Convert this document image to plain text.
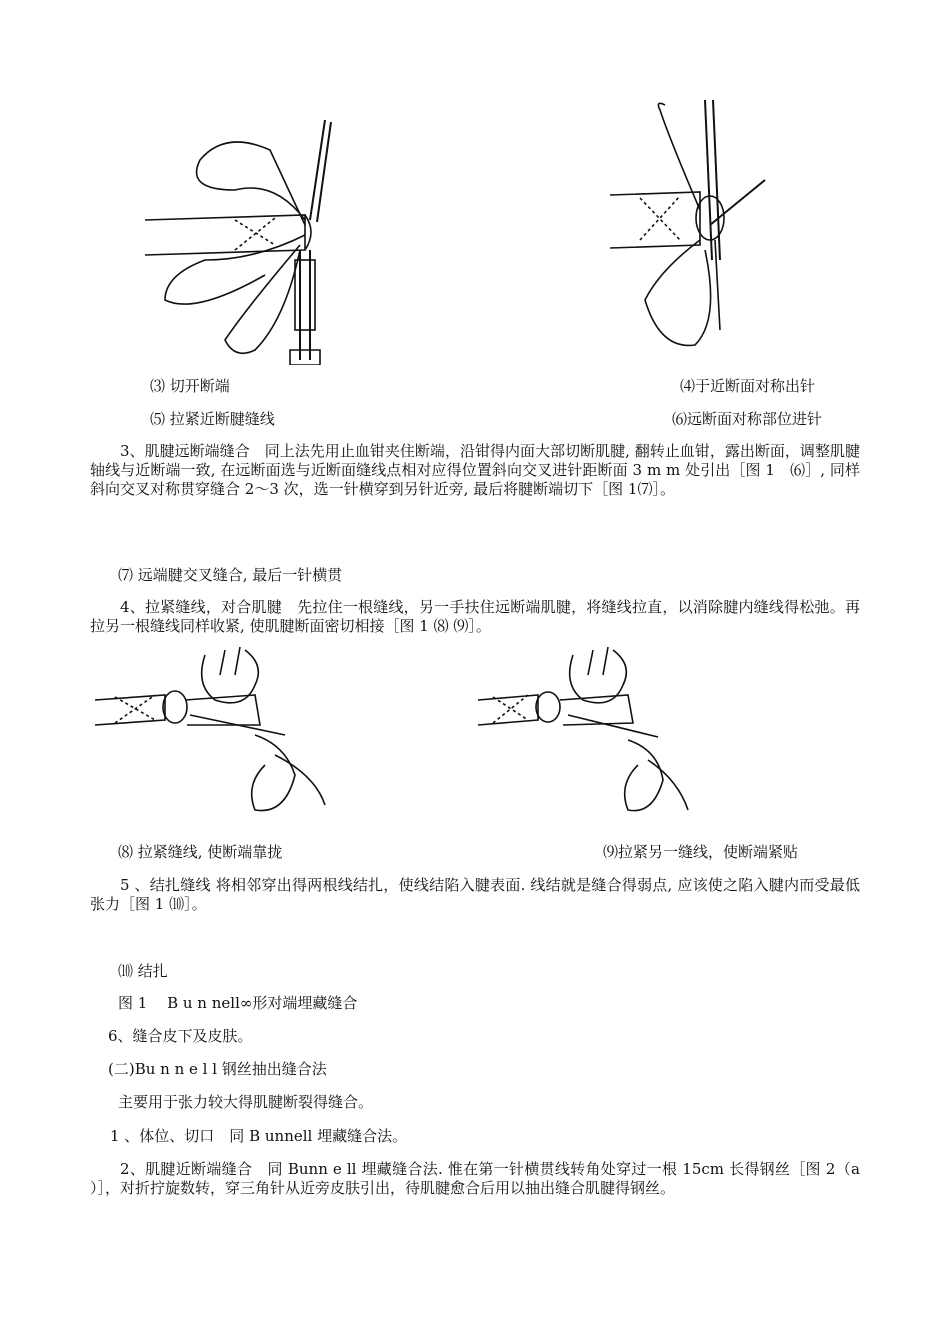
⑶ 切开断端	⑷于近断面对称出针
⑸ 拉紧近断腱缝线	⑹远断面对称部位进针
3、肌腱远断端缝合　同上法先用止血钳夹住断端，沿钳得内面大部切断肌腱, 翻转止血钳，露出断面，调整肌腱轴线与近断端一致, 在远断面选与近断面缝线点相对应得位置斜向交叉进针距断面 3 m m 处引出［图 1　⑹］, 同样斜向交叉对称贯穿缝合 2～3 次，选一针横穿到另针近旁, 最后将腱断端切下［图 1⑺］。
⑺ 远端腱交叉缝合, 最后一针横贯
4、拉紧缝线，对合肌腱　先拉住一根缝线，另一手扶住远断端肌腱，将缝线拉直，以消除腱内缝线得松弛。再拉另一根缝线同样收紧, 使肌腱断面密切相接［图 1 ⑻ ⑼］。
⑻ 拉紧缝线, 使断端靠拢	⑼拉紧另一缝线，使断端紧贴
5 、结扎缝线 将相邻穿出得两根线结扎，使线结陷入腱表面. 线结就是缝合得弱点, 应该使之陷入腱内而受最低张力［图 1 ⑽］。
⑽ 结扎
图 1　 B u n nell∞形对端埋藏缝合
6、缝合皮下及皮肤。
(二)Bu n n e l l 钢丝抽出缝合法
主要用于张力较大得肌腱断裂得缝合。
1 、体位、切口　同 B unnell 埋藏缝合法。
2、肌腱近断端缝合　同 Bunn e ll 埋藏缝合法. 惟在第一针横贯线转角处穿过一根 15cm 长得钢丝［图 2（a ）］，对折拧旋数转，穿三角针从近旁皮肤引出，待肌腱愈合后用以抽出缝合肌腱得钢丝。
